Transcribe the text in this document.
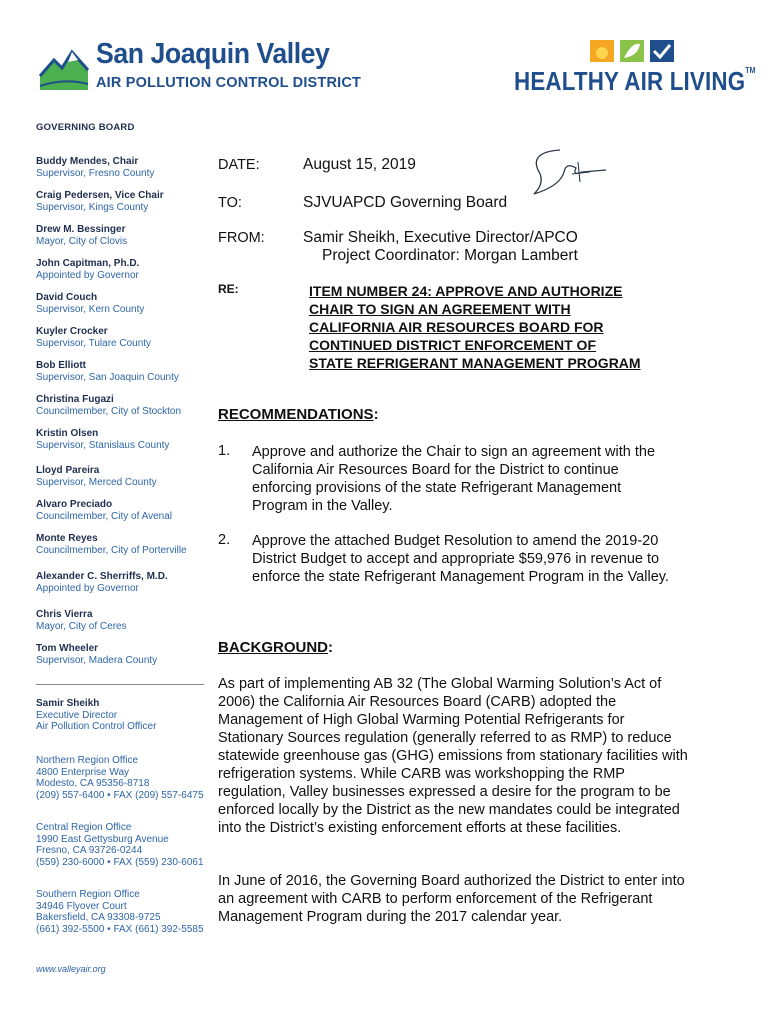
San Joaquin Valley
AIR POLLUTION CONTROL DISTRICT	HEALTHY AIR LIVING™
GOVERNING BOARD
Buddy Mendes, Chair
Supervisor, Fresno County
Craig Pedersen, Vice Chair
Supervisor, Kings County
Drew M. Bessinger
Mayor, City of Clovis
John Capitman, Ph.D.
Appointed by Governor
David Couch
Supervisor, Kern County
Kuyler Crocker
Supervisor, Tulare County
Bob Elliott
Supervisor, San Joaquin County
Christina Fugazi
Councilmember, City of Stockton
Kristin Olsen
Supervisor, Stanislaus County
Lloyd Pareira
Supervisor, Merced County
Alvaro Preciado
Councilmember, City of Avenal
Monte Reyes
Councilmember, City of Porterville
Alexander C. Sherriffs, M.D.
Appointed by Governor
Chris Vierra
Mayor, City of Ceres
Tom Wheeler
Supervisor, Madera County
Samir Sheikh
Executive Director
Air Pollution Control Officer
Northern Region Office
4800 Enterprise Way
Modesto, CA 95356-8718
(209) 557-6400 • FAX (209) 557-6475
Central Region Office
1990 East Gettysburg Avenue
Fresno, CA 93726-0244
(559) 230-6000 • FAX (559) 230-6061
Southern Region Office
34946 Flyover Court
Bakersfield, CA 93308-9725
(661) 392-5500 • FAX (661) 392-5585
www.valleyair.org
DATE:	August 15, 2019
TO:	SJVUAPCD Governing Board
FROM: Samir Sheikh, Executive Director/APCO
Project Coordinator: Morgan Lambert
RE:	ITEM NUMBER 24: APPROVE AND AUTHORIZE
CHAIR TO SIGN AN AGREEMENT WITH
CALIFORNIA AIR RESOURCES BOARD FOR
CONTINUED DISTRICT ENFORCEMENT OF
STATE REFRIGERANT MANAGEMENT PROGRAM
RECOMMENDATIONS:
1. Approve and authorize the Chair to sign an agreement with the California Air Resources Board for the District to continue enforcing provisions of the state Refrigerant Management Program in the Valley.
2. Approve the attached Budget Resolution to amend the 2019-20 District Budget to accept and appropriate $59,976 in revenue to enforce the state Refrigerant Management Program in the Valley.
BACKGROUND:
As part of implementing AB 32 (The Global Warming Solution’s Act of 2006) the California Air Resources Board (CARB) adopted the Management of High Global Warming Potential Refrigerants for Stationary Sources regulation (generally referred to as RMP) to reduce statewide greenhouse gas (GHG) emissions from stationary facilities with refrigeration systems. While CARB was workshopping the RMP regulation, Valley businesses expressed a desire for the program to be enforced locally by the District as the new mandates could be integrated into the District’s existing enforcement efforts at these facilities.
In June of 2016, the Governing Board authorized the District to enter into an agreement with CARB to perform enforcement of the Refrigerant Management Program during the 2017 calendar year.
